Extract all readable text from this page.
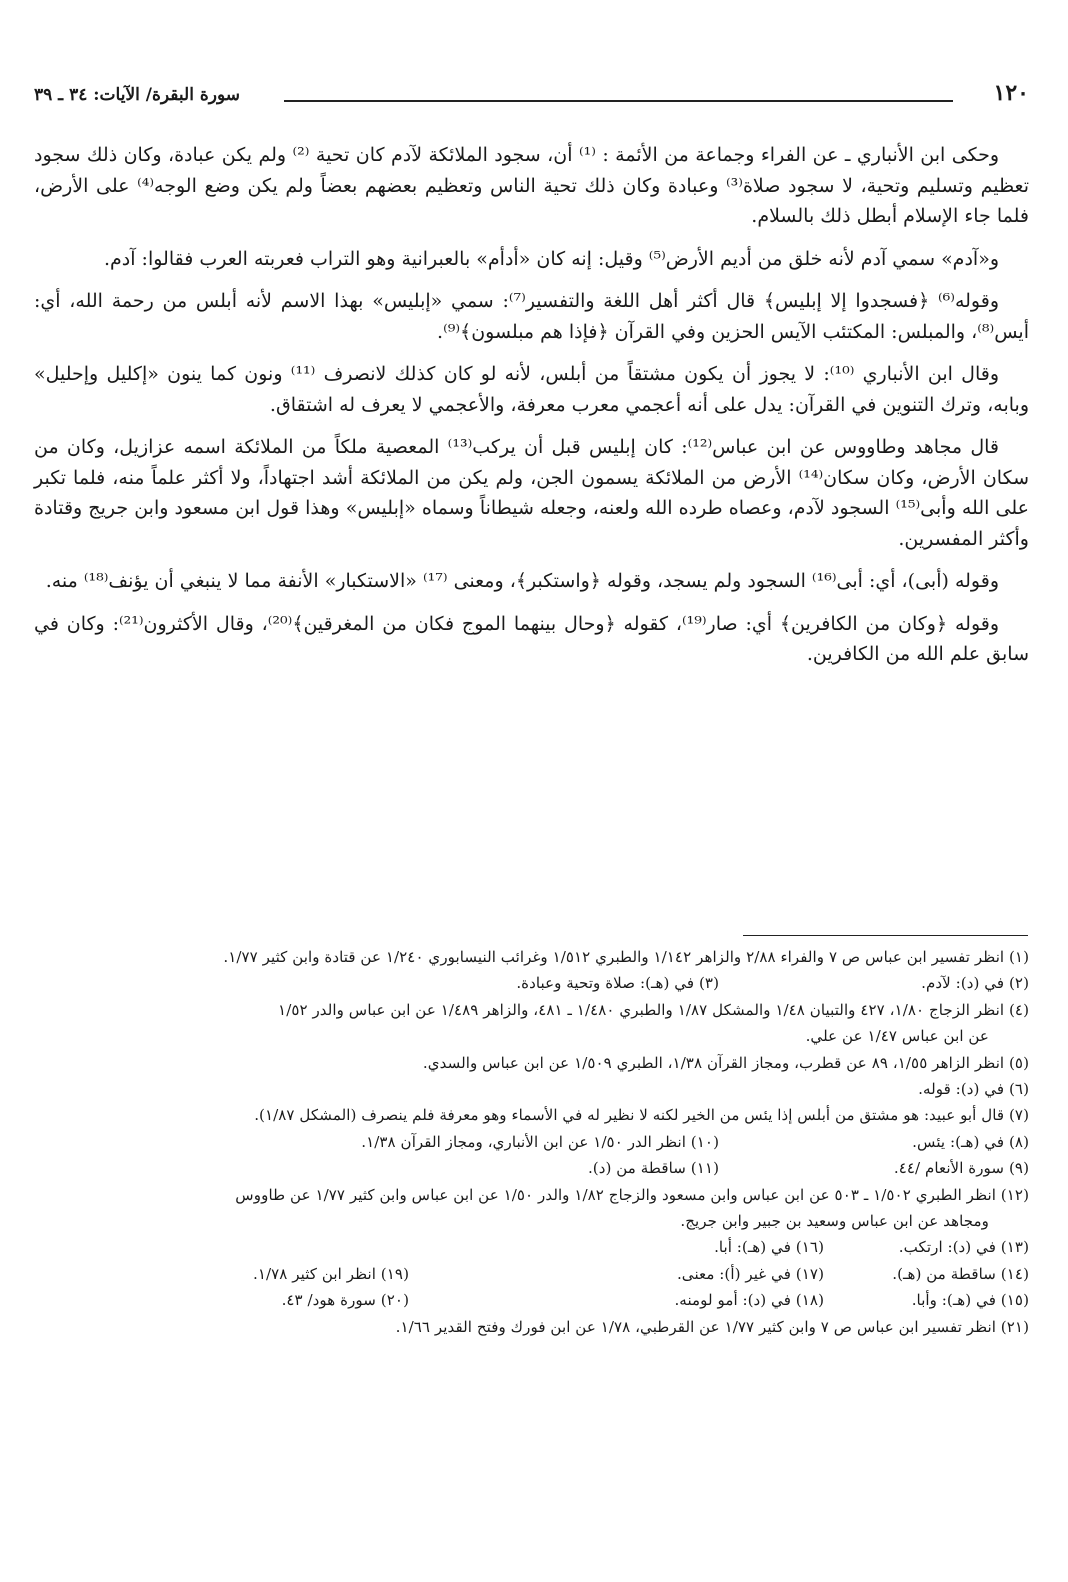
١٢٠
سورة البقرة/ الآيات: ٣٤ ـ ٣٩

وحكى ابن الأنباري ـ عن الفراء وجماعة من الأئمة : ⁽¹⁾ أن، سجود الملائكة لآدم كان تحية ⁽²⁾ ولم يكن عبادة، وكان ذلك سجود تعظيم وتسليم وتحية، لا سجود صلاة⁽³⁾ وعبادة وكان ذلك تحية الناس وتعظيم بعضهم بعضاً ولم يكن وضع الوجه⁽⁴⁾ على الأرض، فلما جاء الإسلام أبطل ذلك بالسلام.

و«آدم» سمي آدم لأنه خلق من أديم الأرض⁽⁵⁾ وقيل: إنه كان «أدأم» بالعبرانية وهو التراب فعربته العرب فقالوا: آدم.

وقوله⁽⁶⁾ ﴿فسجدوا إلا إبليس﴾ قال أكثر أهل اللغة والتفسير⁽⁷⁾: سمي «إبليس» بهذا الاسم لأنه أبلس من رحمة الله، أي: أيس⁽⁸⁾، والمبلس: المكتئب الآيس الحزين وفي القرآن ﴿فإذا هم مبلسون﴾⁽⁹⁾.

وقال ابن الأنباري ⁽¹⁰⁾: لا يجوز أن يكون مشتقاً من أبلس، لأنه لو كان كذلك لانصرف ⁽¹¹⁾ ونون كما ينون «إكليل وإحليل» وبابه، وترك التنوين في القرآن: يدل على أنه أعجمي معرب معرفة، والأعجمي لا يعرف له اشتقاق.

قال مجاهد وطاووس عن ابن عباس⁽¹²⁾: كان إبليس قبل أن يركب⁽¹³⁾ المعصية ملكاً من الملائكة اسمه عزازيل، وكان من سكان الأرض، وكان سكان⁽¹⁴⁾ الأرض من الملائكة يسمون الجن، ولم يكن من الملائكة أشد اجتهاداً، ولا أكثر علماً منه، فلما تكبر على الله وأبى⁽¹⁵⁾ السجود لآدم، وعصاه طرده الله ولعنه، وجعله شيطاناً وسماه «إبليس» وهذا قول ابن مسعود وابن جريج وقتادة وأكثر المفسرين.

وقوله (أبى)، أي: أبى⁽¹⁶⁾ السجود ولم يسجد، وقوله ﴿واستكبر﴾، ومعنى ⁽¹⁷⁾ «الاستكبار» الأنفة مما لا ينبغي أن يؤنف⁽¹⁸⁾ منه.

وقوله ﴿وكان من الكافرين﴾ أي: صار⁽¹⁹⁾، كقوله ﴿وحال بينهما الموج فكان من المغرقين﴾⁽²⁰⁾، وقال الأكثرون⁽²¹⁾: وكان في سابق علم الله من الكافرين.

(١) انظر تفسير ابن عباس ص ٧ والفراء ٢/٨٨ والزاهر ١/١٤٢ والطبري ١/٥١٢ وغرائب النيسابوري ١/٢٤٠ عن قتادة وابن كثير ١/٧٧.

(٢) في (د): لآدم.
(٣) في (هـ): صلاة وتحية وعبادة.

(٤) انظر الزجاج ١/٨٠، ٤٢٧ والتبيان ١/٤٨ والمشكل ١/٨٧ والطبري ١/٤٨٠ ـ ٤٨١، والزاهر ١/٤٨٩ عن ابن عباس والدر ١/٥٢
عن ابن عباس ١/٤٧ عن علي.

(٥) انظر الزاهر ١/٥٥، ٨٩ عن قطرب، ومجاز القرآن ١/٣٨، الطبري ١/٥٠٩ عن ابن عباس والسدي.

(٦) في (د): قوله.

(٧) قال أبو عبيد: هو مشتق من أبلس إذا يئس من الخير لكنه لا نظير له في الأسماء وهو معرفة فلم ينصرف (المشكل ١/٨٧).

(٨) في (هـ): يئس.
(١٠) انظر الدر ١/٥٠ عن ابن الأنباري، ومجاز القرآن ١/٣٨.
(٩) سورة الأنعام /٤٤.
(١١) ساقطة من (د).

(١٢) انظر الطبري ١/٥٠٢ ـ ٥٠٣ عن ابن عباس وابن مسعود والزجاج ١/٨٢ والدر ١/٥٠ عن ابن عباس وابن كثير ١/٧٧ عن طاووس
ومجاهد عن ابن عباس وسعيد بن جبير وابن جريج.

(١٣) في (د): ارتكب.
(١٦) في (هـ): أبا.
(١٤) ساقطة من (هـ).
(١٧) في غير (أ): معنى.
(١٩) انظر ابن كثير ١/٧٨.
(١٥) في (هـ): وأبا.
(١٨) في (د): أمو لومنه.
(٢٠) سورة هود/ ٤٣.

(٢١) انظر تفسير ابن عباس ص ٧ وابن كثير ١/٧٧ عن القرطبي، ١/٧٨ عن ابن فورك وفتح القدير ١/٦٦.
